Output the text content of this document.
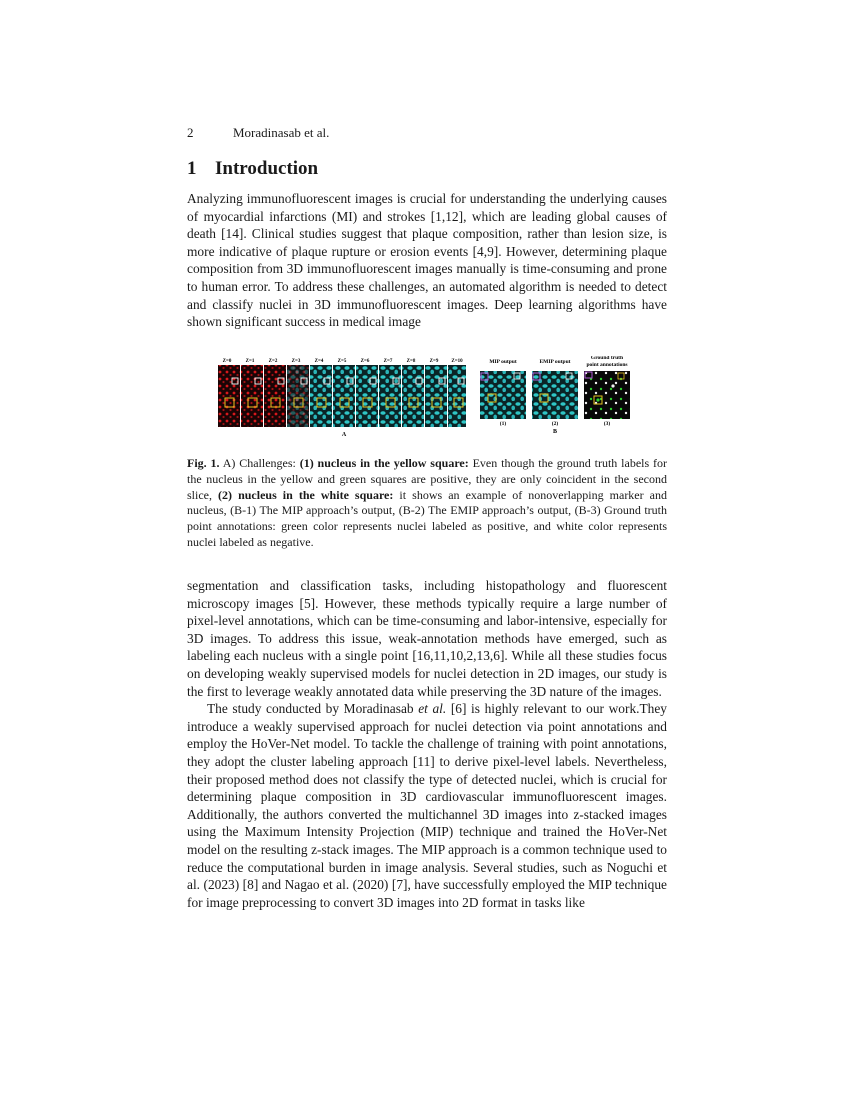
2	Moradinasab et al.
1 Introduction

Analyzing immunofluorescent images is crucial for understanding the underlying causes of myocardial infarctions (MI) and strokes [1,12], which are leading global causes of death [14]. Clinical studies suggest that plaque composition, rather than lesion size, is more indicative of plaque rupture or erosion events [4,9]. However, determining plaque composition from 3D immunofluorescent images manually is time-consuming and prone to human error. To address these challenges, an automated algorithm is needed to detect and classify nuclei in 3D immunofluorescent images. Deep learning algorithms have shown significant success in medical image

Z=0	Z=1	Z=2	Z=3	Z=4	Z=5	Z=6	Z=7	Z=8	Z=9	Z=10
A
MIP output	EMIP output
Ground truth
point annotations
(1)	(2)	(3)
B
Fig. 1. A) Challenges: (1) nucleus in the yellow square: Even though the ground truth labels for the nucleus in the yellow and green squares are positive, they are only coincident in the second slice, (2) nucleus in the white square: it shows an example of nonoverlapping marker and nucleus, (B-1) The MIP approach’s output, (B-2) The EMIP approach’s output, (B-3) Ground truth point annotations: green color represents nuclei labeled as positive, and white color represents nuclei labeled as negative.

segmentation and classification tasks, including histopathology and fluorescent microscopy images [5]. However, these methods typically require a large number of pixel-level annotations, which can be time-consuming and labor-intensive, especially for 3D images. To address this issue, weak-annotation methods have emerged, such as labeling each nucleus with a single point [16,11,10,2,13,6]. While all these studies focus on developing weakly supervised models for nuclei detection in 2D images, our study is the first to leverage weakly annotated data while preserving the 3D nature of the images.

The study conducted by Moradinasab et al. [6] is highly relevant to our work.They introduce a weakly supervised approach for nuclei detection via point annotations and employ the HoVer-Net model. To tackle the challenge of training with point annotations, they adopt the cluster labeling approach [11] to derive pixel-level labels. Nevertheless, their proposed method does not classify the type of detected nuclei, which is crucial for determining plaque composition in 3D cardiovascular immunofluorescent images. Additionally, the authors converted the multichannel 3D images into z-stacked images using the Maximum Intensity Projection (MIP) technique and trained the HoVer-Net model on the resulting z-stack images. The MIP approach is a common technique used to reduce the computational burden in image analysis. Several studies, such as Noguchi et al. (2023) [8] and Nagao et al. (2020) [7], have successfully employed the MIP technique for image preprocessing to convert 3D images into 2D format in tasks like
